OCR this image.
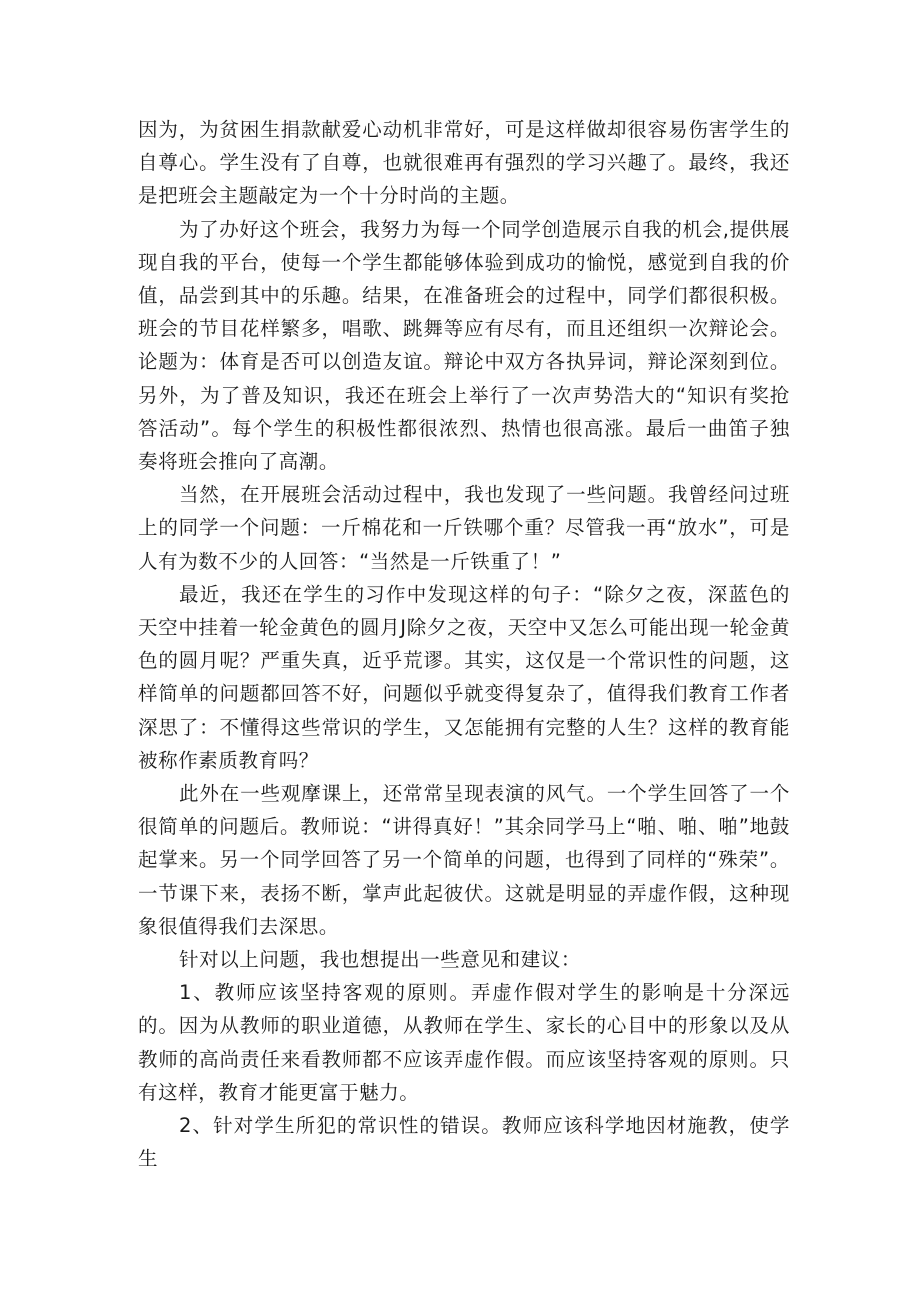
因为，为贫困生捐款献爱心动机非常好，可是这样做却很容易伤害学生的自尊心。学生没有了自尊，也就很难再有强烈的学习兴趣了。最终，我还是把班会主题敲定为一个十分时尚的主题。

为了办好这个班会，我努力为每一个同学创造展示自我的机会,提供展现自我的平台，使每一个学生都能够体验到成功的愉悦，感觉到自我的价值，品尝到其中的乐趣。结果，在准备班会的过程中，同学们都很积极。班会的节目花样繁多，唱歌、跳舞等应有尽有，而且还组织一次辩论会。论题为：体育是否可以创造友谊。辩论中双方各执异词，辩论深刻到位。另外，为了普及知识，我还在班会上举行了一次声势浩大的“知识有奖抢答活动”。每个学生的积极性都很浓烈、热情也很高涨。最后一曲笛子独奏将班会推向了高潮。

当然，在开展班会活动过程中，我也发现了一些问题。我曾经问过班上的同学一个问题：一斤棉花和一斤铁哪个重？尽管我一再“放水”，可是人有为数不少的人回答：“当然是一斤铁重了！”

最近，我还在学生的习作中发现这样的句子：“除夕之夜，深蓝色的天空中挂着一轮金黄色的圆月J除夕之夜，天空中又怎么可能出现一轮金黄色的圆月呢？严重失真，近乎荒谬。其实，这仅是一个常识性的问题，这样简单的问题都回答不好，问题似乎就变得复杂了，值得我们教育工作者深思了：不懂得这些常识的学生，又怎能拥有完整的人生？这样的教育能被称作素质教育吗？

此外在一些观摩课上，还常常呈现表演的风气。一个学生回答了一个很简单的问题后。教师说：“讲得真好！”其余同学马上“啪、啪、啪”地鼓起掌来。另一个同学回答了另一个简单的问题，也得到了同样的“殊荣”。一节课下来，表扬不断，掌声此起彼伏。这就是明显的弄虚作假，这种现象很值得我们去深思。

针对以上问题，我也想提出一些意见和建议：

1、教师应该坚持客观的原则。弄虚作假对学生的影响是十分深远的。因为从教师的职业道德，从教师在学生、家长的心目中的形象以及从教师的高尚责任来看教师都不应该弄虚作假。而应该坚持客观的原则。只有这样，教育才能更富于魅力。

2、针对学生所犯的常识性的错误。教师应该科学地因材施教，使学生
